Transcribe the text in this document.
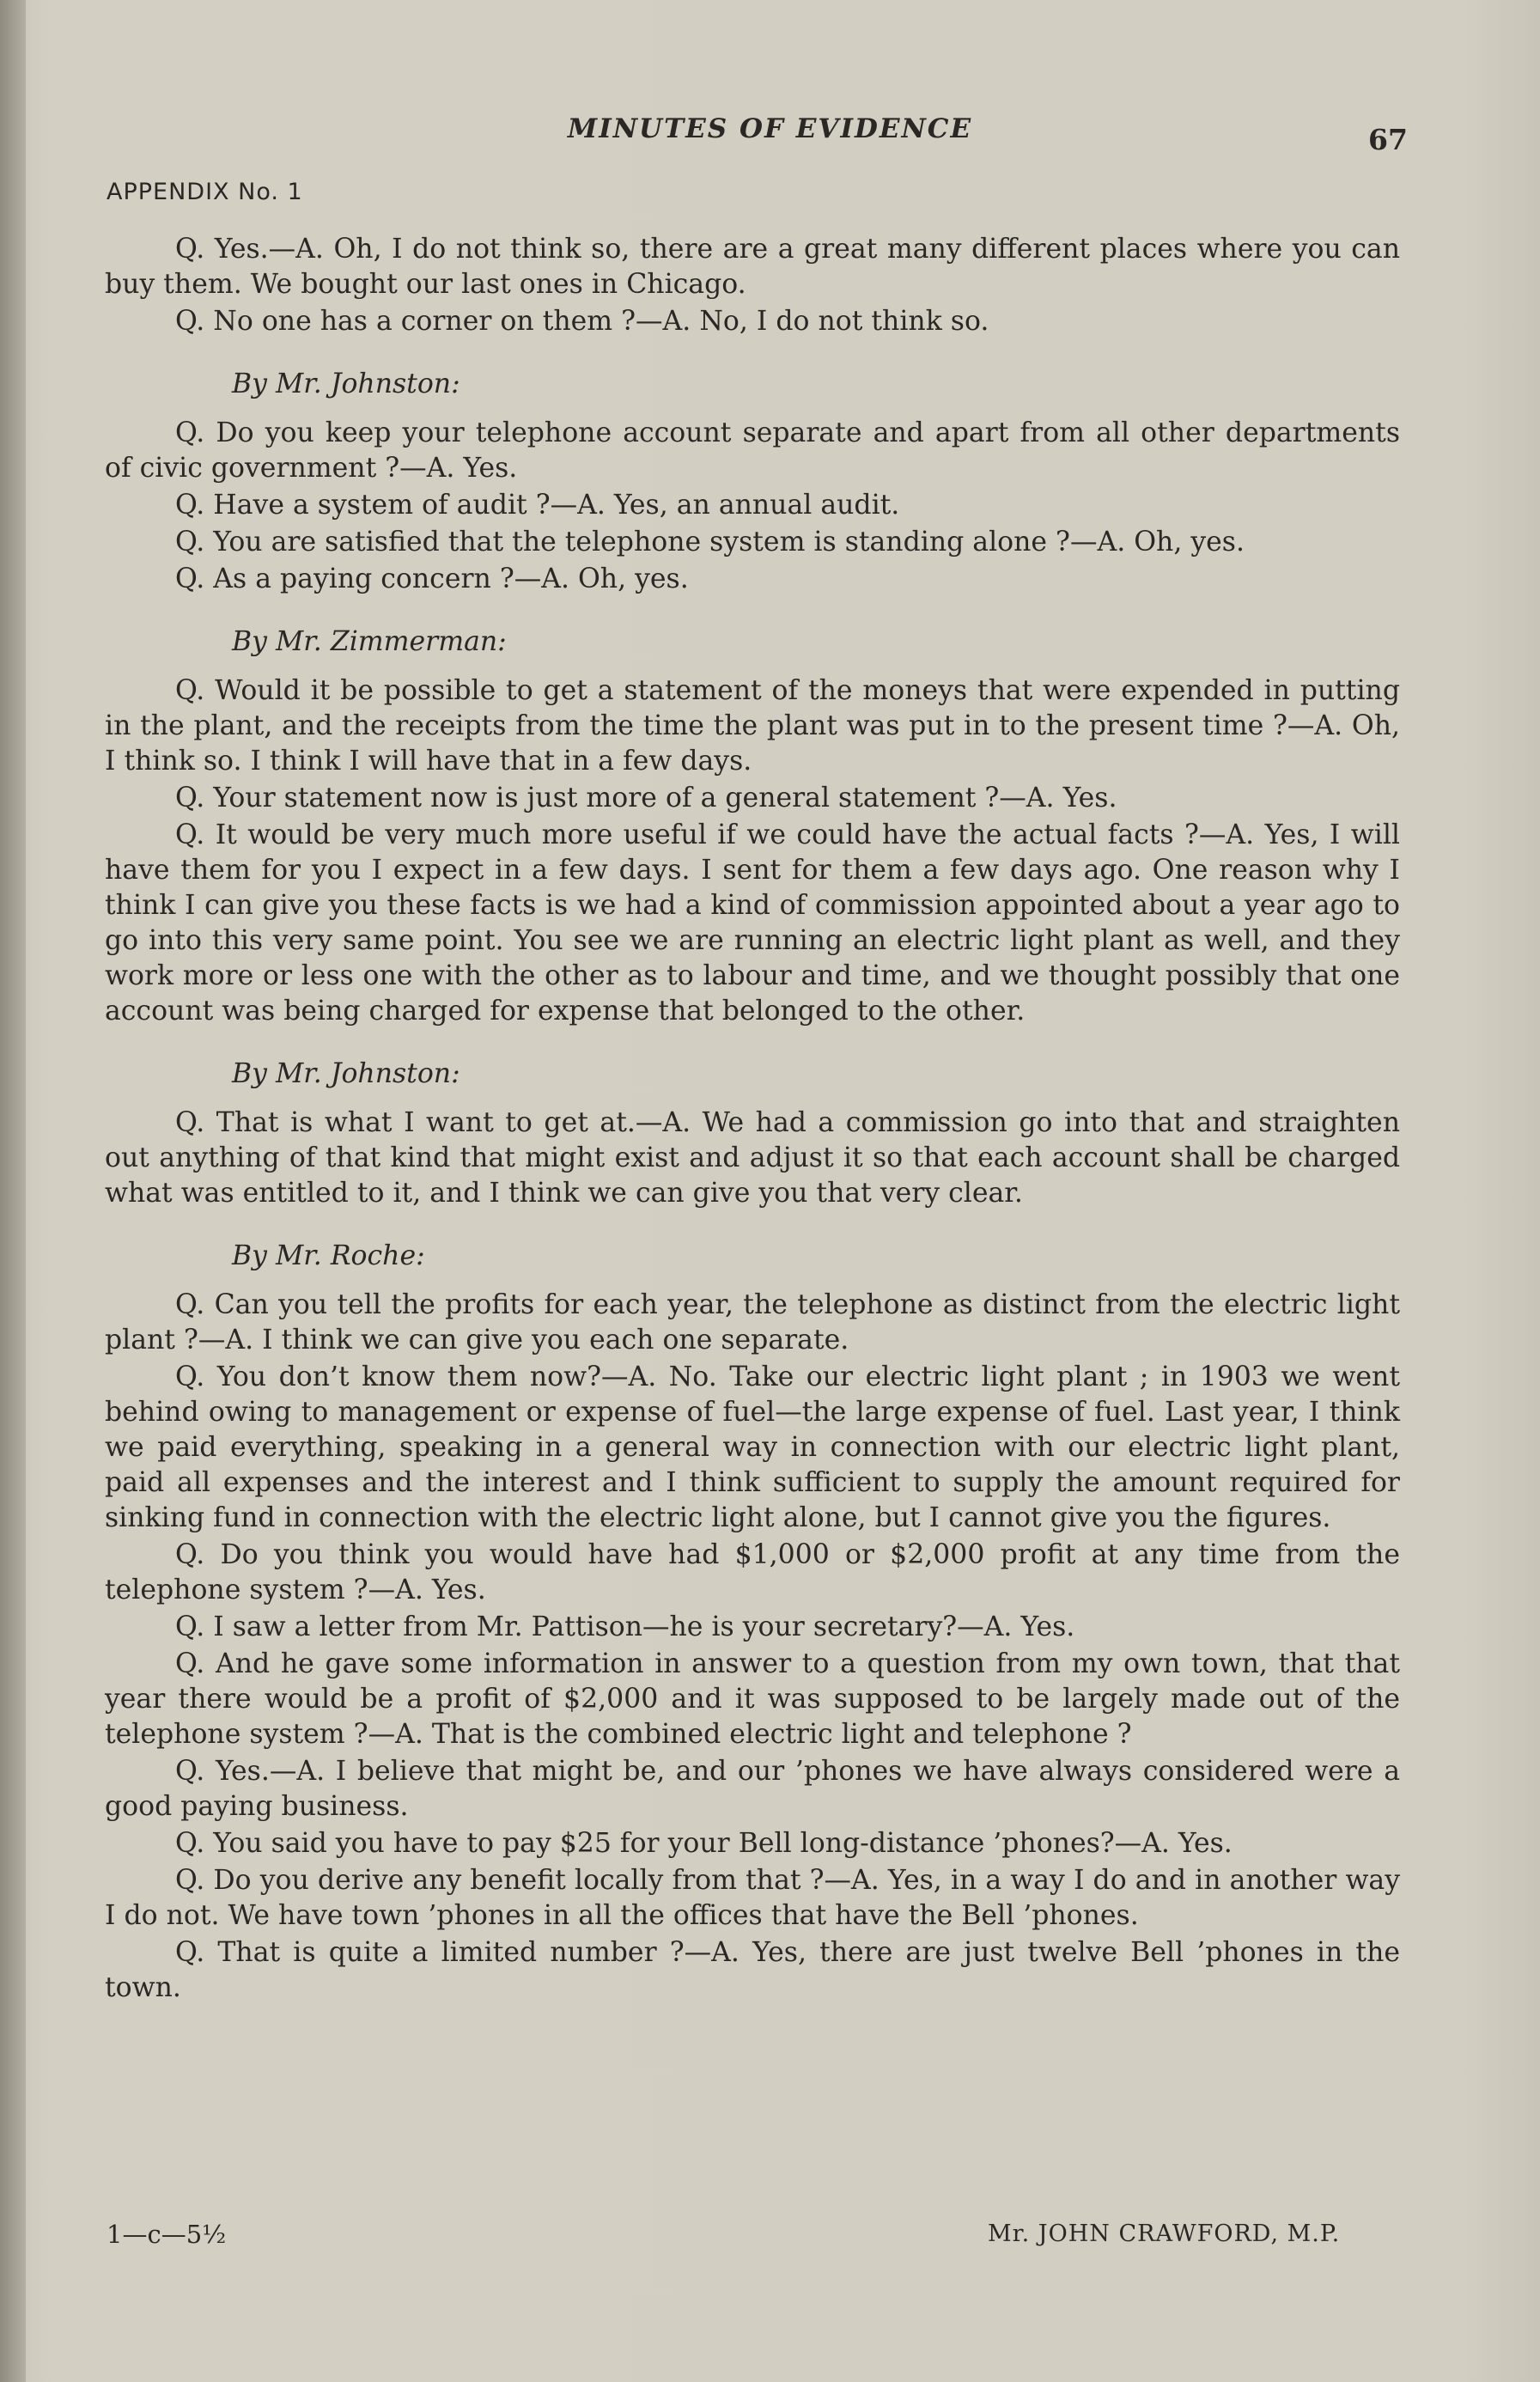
MINUTES OF EVIDENCE	67
APPENDIX No. 1

Q. Yes.—A. Oh, I do not think so, there are a great many different places where you can buy them. We bought our last ones in Chicago.

Q. No one has a corner on them ?—A. No, I do not think so.

By Mr. Johnston:

Q. Do you keep your telephone account separate and apart from all other departments of civic government ?—A. Yes.

Q. Have a system of audit ?—A. Yes, an annual audit.

Q. You are satisfied that the telephone system is standing alone ?—A. Oh, yes.

Q. As a paying concern ?—A. Oh, yes.

By Mr. Zimmerman:

Q. Would it be possible to get a statement of the moneys that were expended in putting in the plant, and the receipts from the time the plant was put in to the present time ?—A. Oh, I think so. I think I will have that in a few days.

Q. Your statement now is just more of a general statement ?—A. Yes.

Q. It would be very much more useful if we could have the actual facts ?—A. Yes, I will have them for you I expect in a few days. I sent for them a few days ago. One reason why I think I can give you these facts is we had a kind of commission appointed about a year ago to go into this very same point. You see we are running an electric light plant as well, and they work more or less one with the other as to labour and time, and we thought possibly that one account was being charged for expense that belonged to the other.

By Mr. Johnston:

Q. That is what I want to get at.—A. We had a commission go into that and straighten out anything of that kind that might exist and adjust it so that each account shall be charged what was entitled to it, and I think we can give you that very clear.

By Mr. Roche:

Q. Can you tell the profits for each year, the telephone as distinct from the electric light plant ?—A. I think we can give you each one separate.

Q. You don’t know them now?—A. No. Take our electric light plant ; in 1903 we went behind owing to management or expense of fuel—the large expense of fuel. Last year, I think we paid everything, speaking in a general way in connection with our electric light plant, paid all expenses and the interest and I think sufficient to supply the amount required for sinking fund in connection with the electric light alone, but I cannot give you the figures.

Q. Do you think you would have had $1,000 or $2,000 profit at any time from the telephone system ?—A. Yes.

Q. I saw a letter from Mr. Pattison—he is your secretary?—A. Yes.

Q. And he gave some information in answer to a question from my own town, that that year there would be a profit of $2,000 and it was supposed to be largely made out of the telephone system ?—A. That is the combined electric light and telephone ?

Q. Yes.—A. I believe that might be, and our ’phones we have always considered were a good paying business.

Q. You said you have to pay $25 for your Bell long-distance ’phones?—A. Yes.

Q. Do you derive any benefit locally from that ?—A. Yes, in a way I do and in another way I do not. We have town ’phones in all the offices that have the Bell ’phones.

Q. That is quite a limited number ?—A. Yes, there are just twelve Bell ’phones in the town.

1—c—5½	Mr. JOHN CRAWFORD, M.P.
